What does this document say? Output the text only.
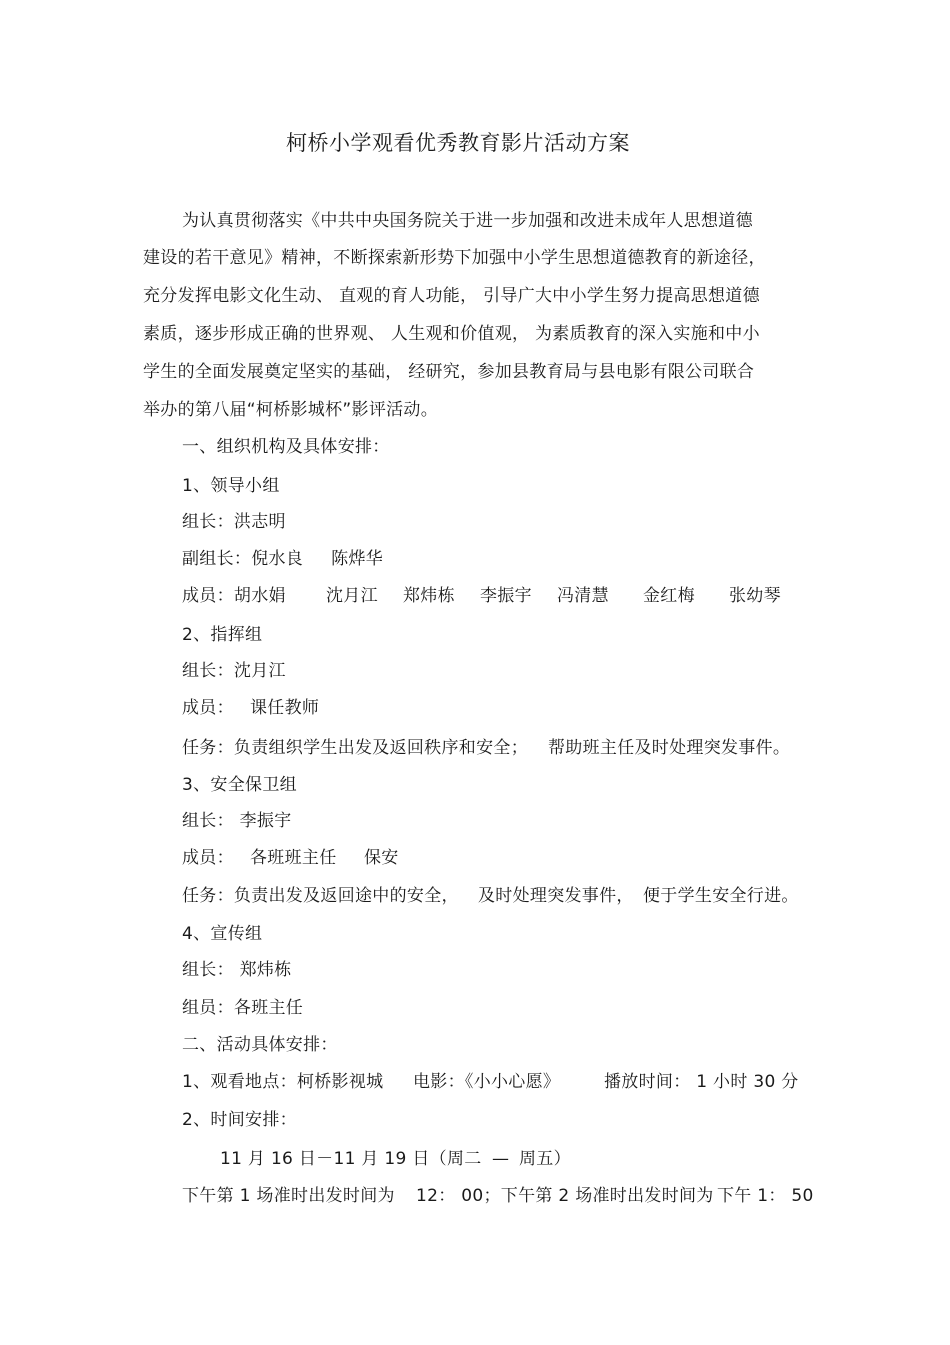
柯桥小学观看优秀教育影片活动方案
为认真贯彻落实《中共中央国务院关于进一步加强和改进未成年人思想道德
建设的若干意见》精神，不断探索新形势下加强中小学生思想道德教育的新途径，
充分发挥电影文化生动、 直观的育人功能， 引导广大中小学生努力提高思想道德
素质，逐步形成正确的世界观、 人生观和价值观， 为素质教育的深入实施和中小
学生的全面发展奠定坚实的基础， 经研究，参加县教育局与县电影有限公司联合
举办的第八届“柯桥影城杯”影评活动。
一、组织机构及具体安排：
1、领导小组
组长：洪志明
副组长：倪水良 陈烨华
成员：胡水娟 沈月江 郑炜栋 李振宇 冯清慧 金红梅 张幼琴
2、指挥组
组长：沈月江
成员： 课任教师
任务：负责组织学生出发及返回秩序和安全； 帮助班主任及时处理突发事件。
3、安全保卫组
组长： 李振宇
成员： 各班班主任 保安
任务：负责出发及返回途中的安全， 及时处理突发事件， 便于学生安全行进。
4、宣传组
组长： 郑炜栋
组员：各班主任
二、活动具体安排：
1、观看地点：柯桥影视城 电影：《小小心愿》	播放时间： 1 小时 30 分
2、时间安排：
11 月 16 日－11 月 19 日（周二 — 周五）
下午第 1 场准时出发时间为 12： 00；下午第 2 场准时出发时间为 下午 1： 50
